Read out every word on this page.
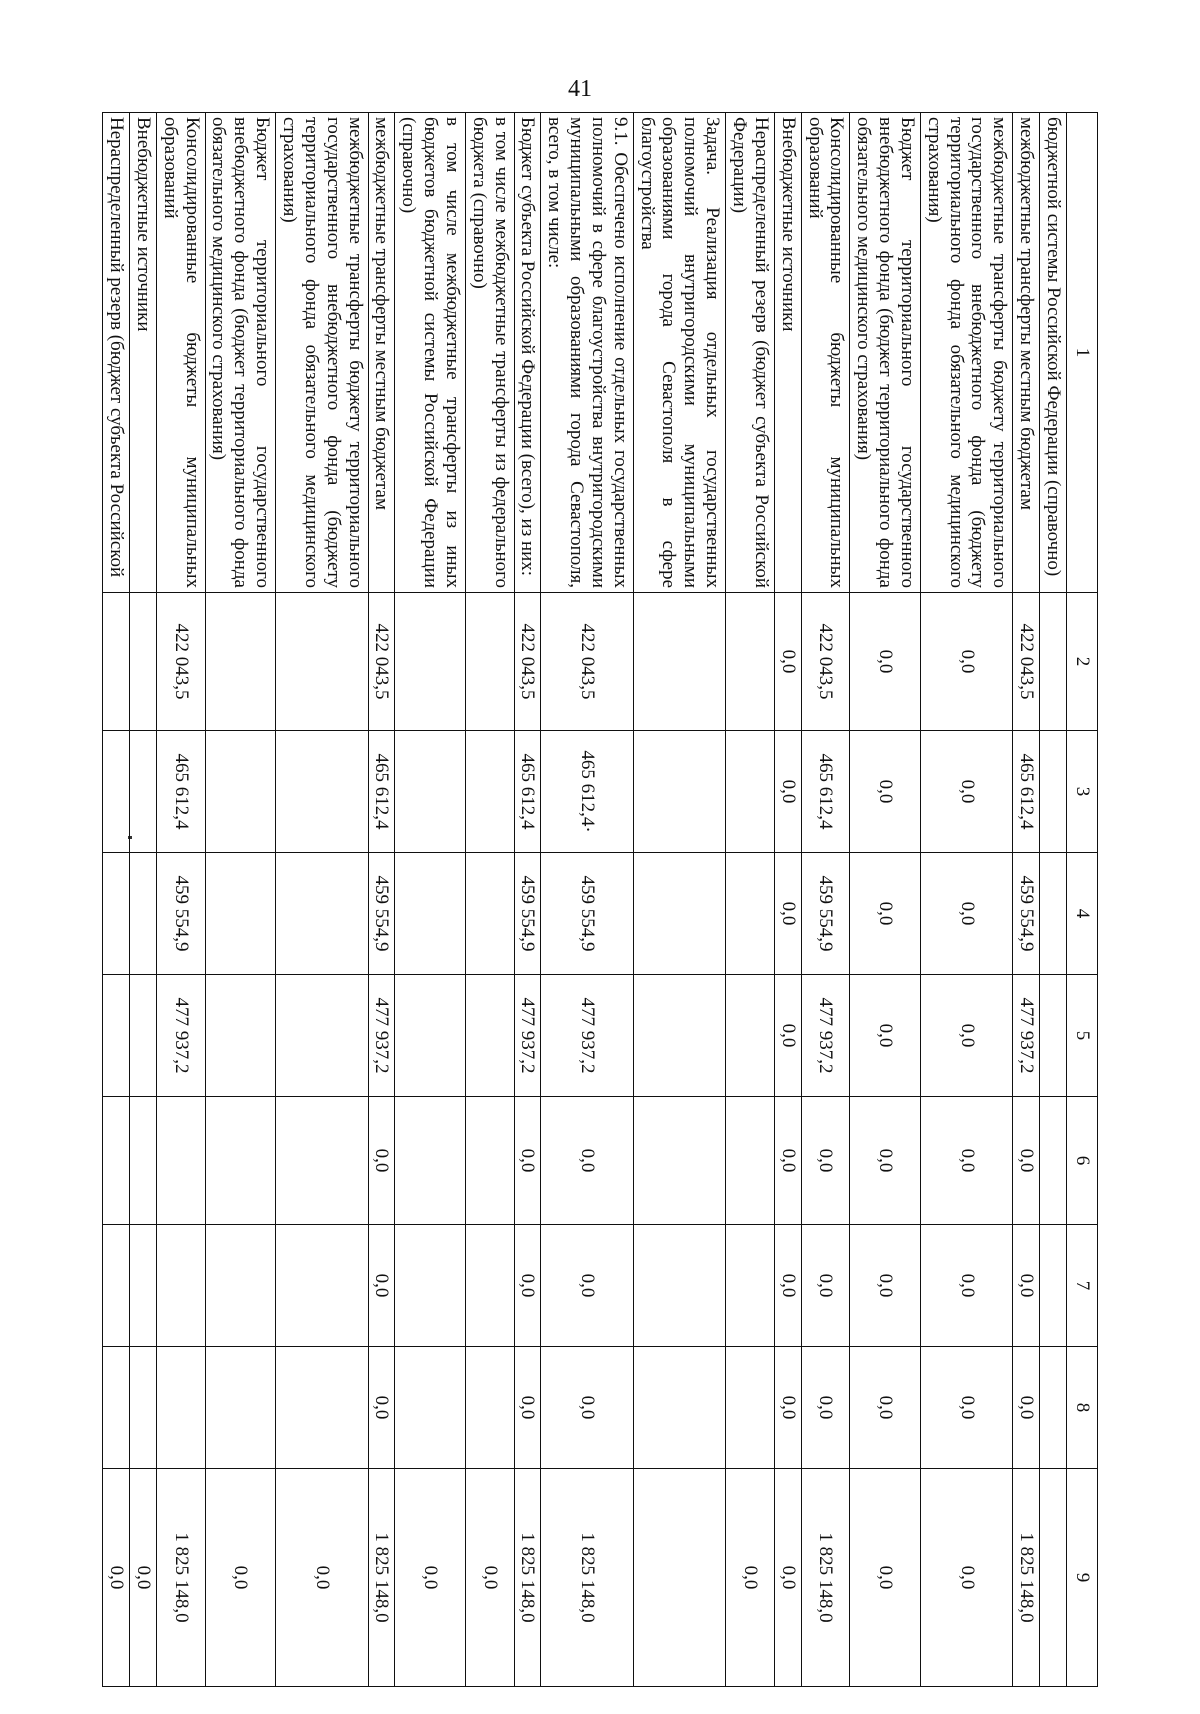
41
1	2	3	4	5	6	7	8	9
бюджетной системы Российской Федерации (справочно)								
межбюджетные трансферты местным бюджетам	422 043,5	465 612,4	459 554,9	477 937,2	0,0	0,0	0,0	1 825 148,0
межбюджетные трансферты бюджету территориального государственного внебюджетного фонда (бюджету территориального фонда обязательного медицинского страхования)	0,0	0,0	0,0	0,0	0,0	0,0	0,0	0,0
Бюджет территориального государственного внебюджетного фонда (бюджет территориального фонда обязательного медицинского страхования)	0,0	0,0	0,0	0,0	0,0	0,0	0,0	0,0
Консолидированные бюджеты муниципальных образований	422 043,5	465 612,4	459 554,9	477 937,2	0,0	0,0	0,0	1 825 148,0
Внебюджетные источники	0,0	0,0	0,0	0,0	0,0	0,0	0,0	0,0
Нераспределенный резерв (бюджет субъекта Российской Федерации)								0,0
Задача. Реализация отдельных государственных полномочий внутригородскими муниципальными образованиями города Севастополя в сфере благоустройства								
9.1. Обеспечено исполнение отдельных государственных полномочий в сфере благоустройства внутригородскими муниципальными образованиями города Севастополя, всего, в том числе:	422 043,5	465 612,4·	459 554,9	477 937,2	0,0	0,0	0,0	1 825 148,0
Бюджет субъекта Российской Федерации (всего), из них:	422 043,5	465 612,4	459 554,9	477 937,2	0,0	0,0	0,0	1 825 148,0
в том числе межбюджетные трансферты из федерального бюджета (справочно)								0,0
в том числе межбюджетные трансферты из иных бюджетов бюджетной системы Российской Федерации (справочно)								0,0
межбюджетные трансферты местным бюджетам	422 043,5	465 612,4	459 554,9	477 937,2	0,0	0,0	0,0	1 825 148,0
межбюджетные трансферты бюджету территориального государственного внебюджетного фонда (бюджету территориального фонда обязательного медицинского страхования)								0,0
Бюджет территориального государственного внебюджетного фонда (бюджет территориального фонда обязательного медицинского страхования)								0,0
Консолидированные бюджеты муниципальных образований	422 043,5	465 612,4	459 554,9	477 937,2				1 825 148,0
Внебюджетные источники								0,0
Нераспределенный резерв (бюджет субъекта Российской								0,0
